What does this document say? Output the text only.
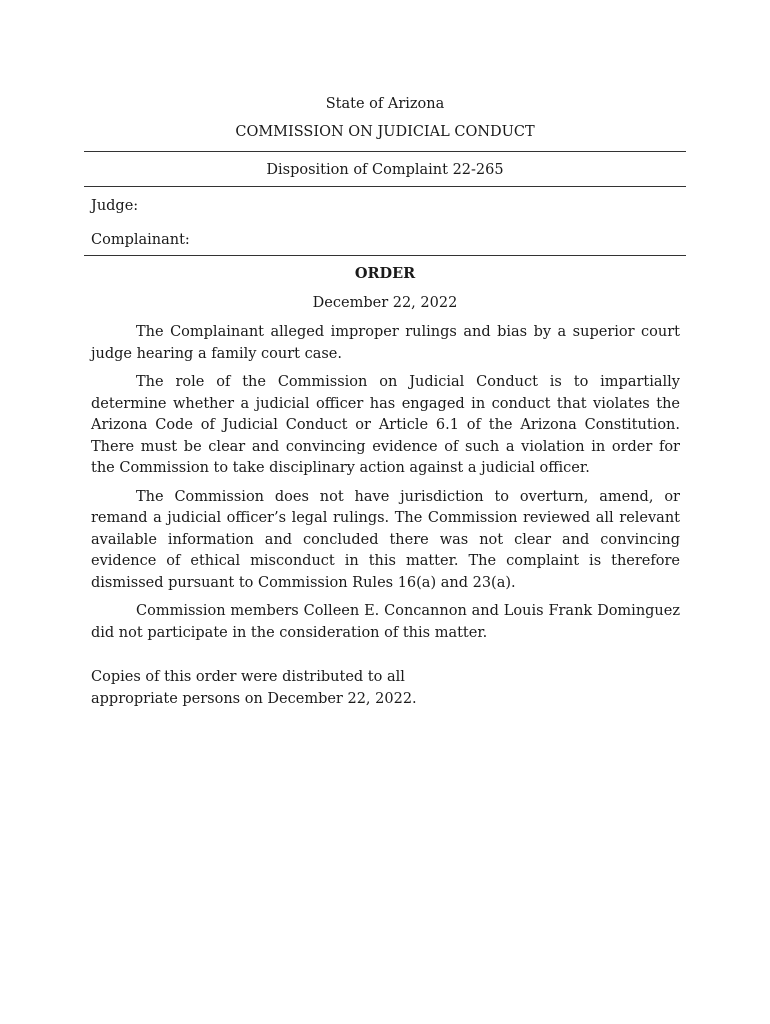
State of Arizona
COMMISSION ON JUDICIAL CONDUCT
Disposition of Complaint 22-265
Judge:
Complainant:
ORDER
December 22, 2022

The Complainant alleged improper rulings and bias by a superior court judge hearing a family court case.

The role of the Commission on Judicial Conduct is to impartially determine whether a judicial officer has engaged in conduct that violates the Arizona Code of Judicial Conduct or Article 6.1 of the Arizona Constitution. There must be clear and convincing evidence of such a violation in order for the Commission to take disciplinary action against a judicial officer.

The Commission does not have jurisdiction to overturn, amend, or remand a judicial officer’s legal rulings. The Commission reviewed all relevant available information and concluded there was not clear and convincing evidence of ethical misconduct in this matter. The complaint is therefore dismissed pursuant to Commission Rules 16(a) and 23(a).

Commission members Colleen E. Concannon and Louis Frank Dominguez did not participate in the consideration of this matter.

Copies of this order were distributed to all
appropriate persons on December 22, 2022.
